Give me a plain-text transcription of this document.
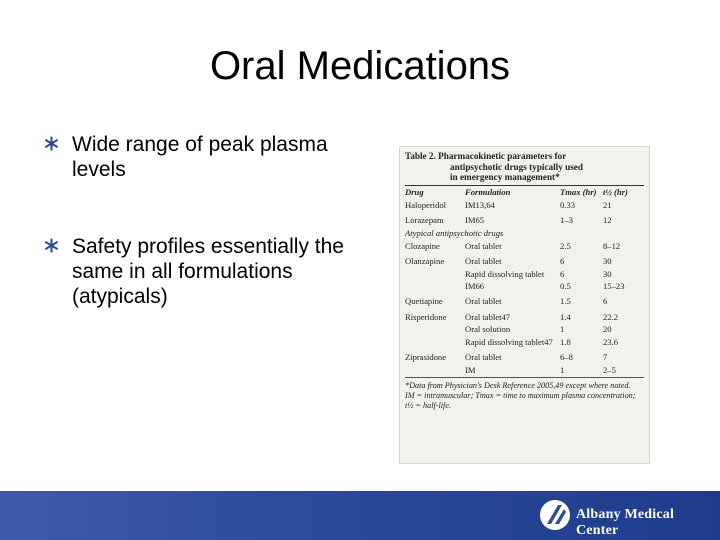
Oral Medications
Wide range of peak plasma levels
Safety profiles essentially the same in all formulations (atypicals)
Table 2. Pharmacokinetic parameters for
antipsychotic drugs typically used
in emergency management*
Drug	Formulation	Tmax (hr)	t½ (hr)
Haloperidol	IM13,64	0.33	21
Lorazepam	IM65	1–3	12
Atypical antipsychotic drugs			
Clozapine	Oral tablet	2.5	8–12
Olanzapine	Oral tablet	6	30
	Rapid dissolving tablet	6	30
	IM66	0.5	15–23
Quetiapine	Oral tablet	1.5	6
Risperidone	Oral tablet47	1.4	22.2
	Oral solution	1	20
	Rapid dissolving tablet47	1.8	23.6
Ziprasidone	Oral tablet	6–8	7
	IM	1	2–5
*Data from Physician's Desk Reference 2005,49 except where noted.
IM = intramuscular; Tmax = time to maximum plasma concentration; t½ = half-life.
Albany Medical Center
